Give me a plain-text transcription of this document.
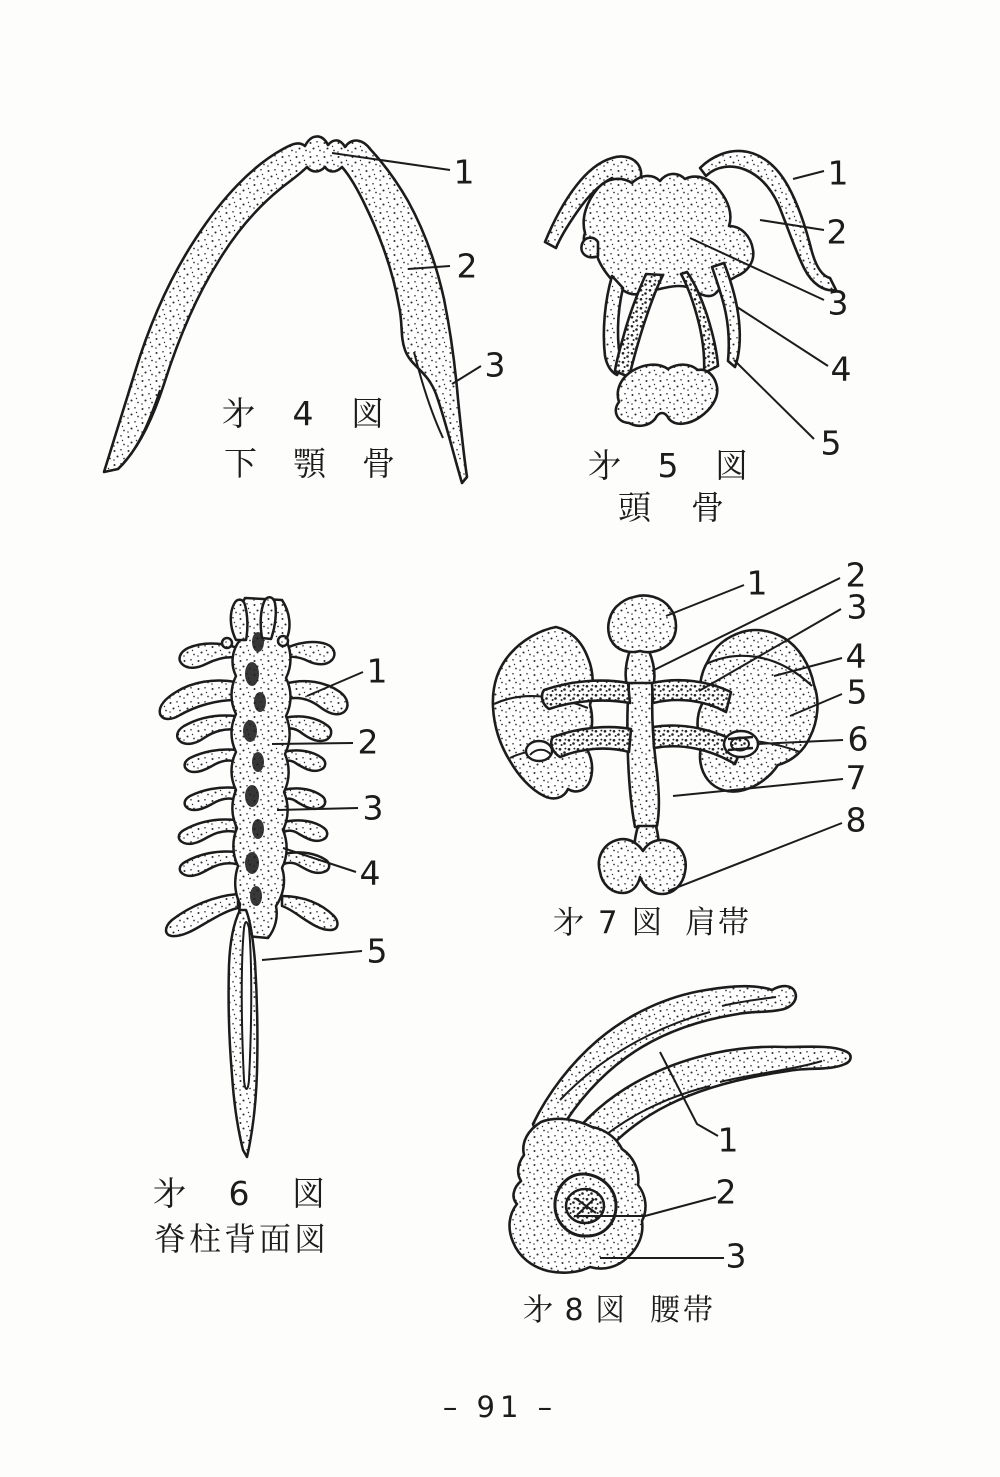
1
2
3
1
2
3
4
5
1
2
3
4
5
1 2
3
4
5
6
7
8
1
2
3
㐧 4 図
下顎骨	㐧 5 図
頭骨
㐧 6 図
脊柱背面図
㐧 7 図 肩帯
㐧 8 図 腰帯
– 91 –
